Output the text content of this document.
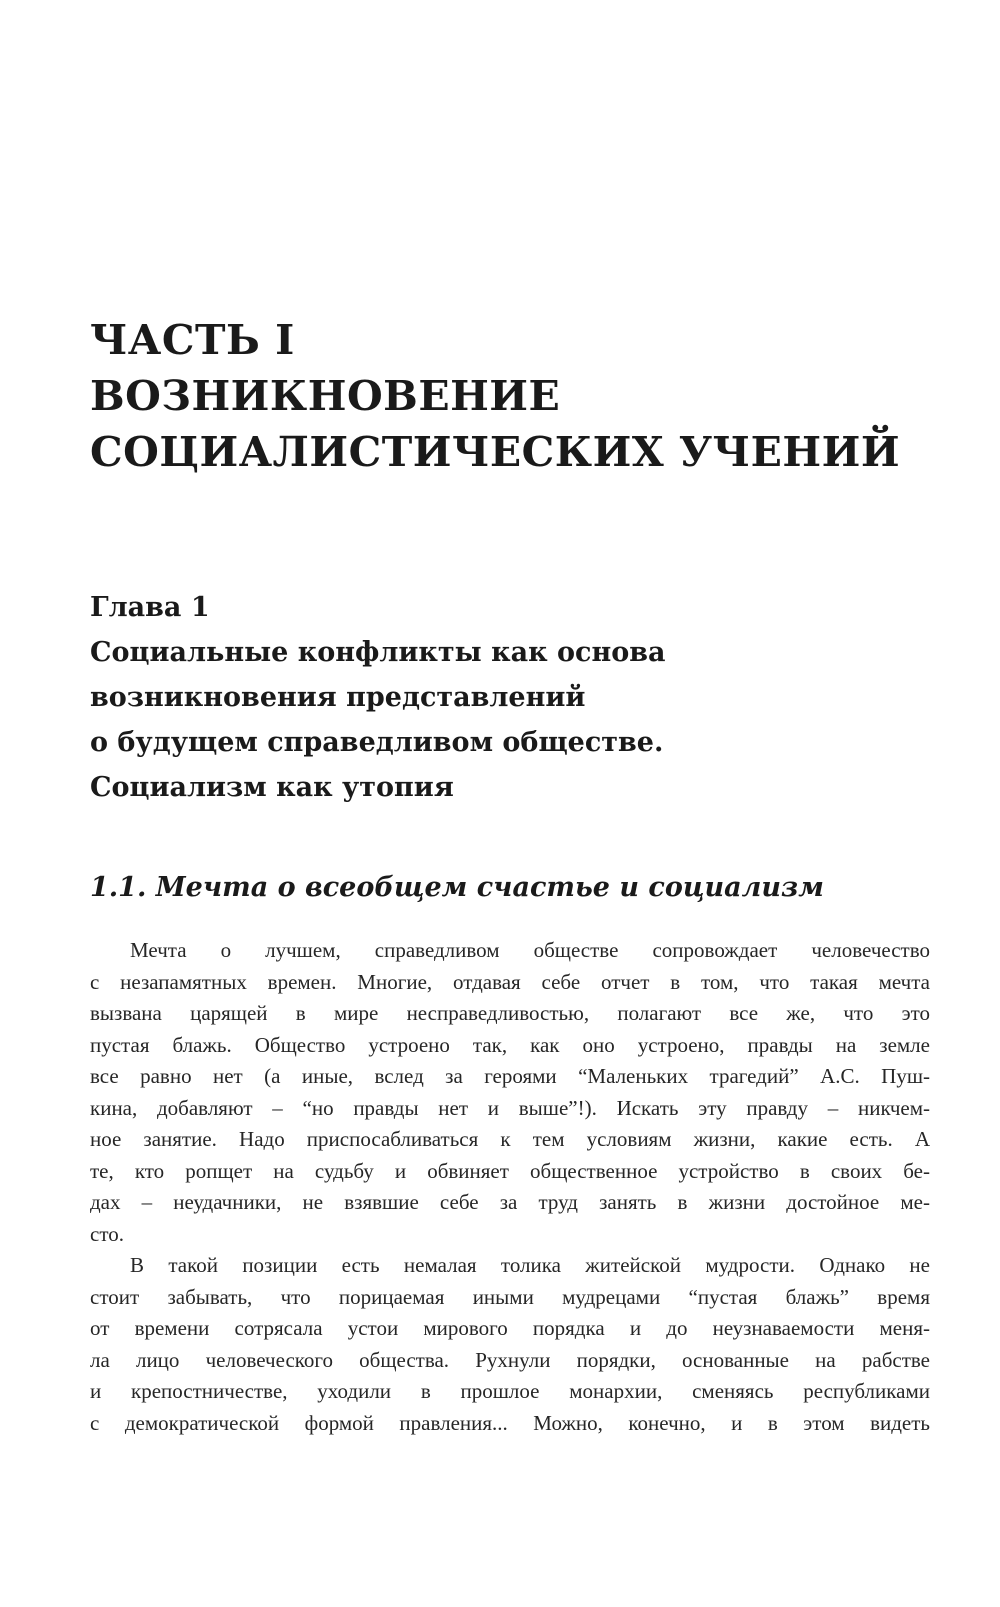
ЧАСТЬ I
ВОЗНИКНОВЕНИЕ
СОЦИАЛИСТИЧЕСКИХ УЧЕНИЙ
Глава 1
Социальные конфликты как основа
возникновения представлений
о будущем справедливом обществе.
Социализм как утопия
1.1. Мечта о всеобщем счастье и социализм

Мечта о лучшем, справедливом обществе сопровождает человечество
с незапамятных времен. Многие, отдавая себе отчет в том, что такая мечта
вызвана царящей в мире несправедливостью, полагают все же, что это
пустая блажь. Общество устроено так, как оно устроено, правды на земле
все равно нет (а иные, вслед за героями “Маленьких трагедий” А.С. Пуш-
кина, добавляют – “но правды нет и выше”!). Искать эту правду – никчем-
ное занятие. Надо приспосабливаться к тем условиям жизни, какие есть. А
те, кто ропщет на судьбу и обвиняет общественное устройство в своих бе-
дах – неудачники, не взявшие себе за труд занять в жизни достойное ме-
сто.

В такой позиции есть немалая толика житейской мудрости. Однако не
стоит забывать, что порицаемая иными мудрецами “пустая блажь” время
от времени сотрясала устои мирового порядка и до неузнаваемости меня-
ла лицо человеческого общества. Рухнули порядки, основанные на рабстве
и крепостничестве, уходили в прошлое монархии, сменяясь республиками
с демократической формой правления... Можно, конечно, и в этом видеть
